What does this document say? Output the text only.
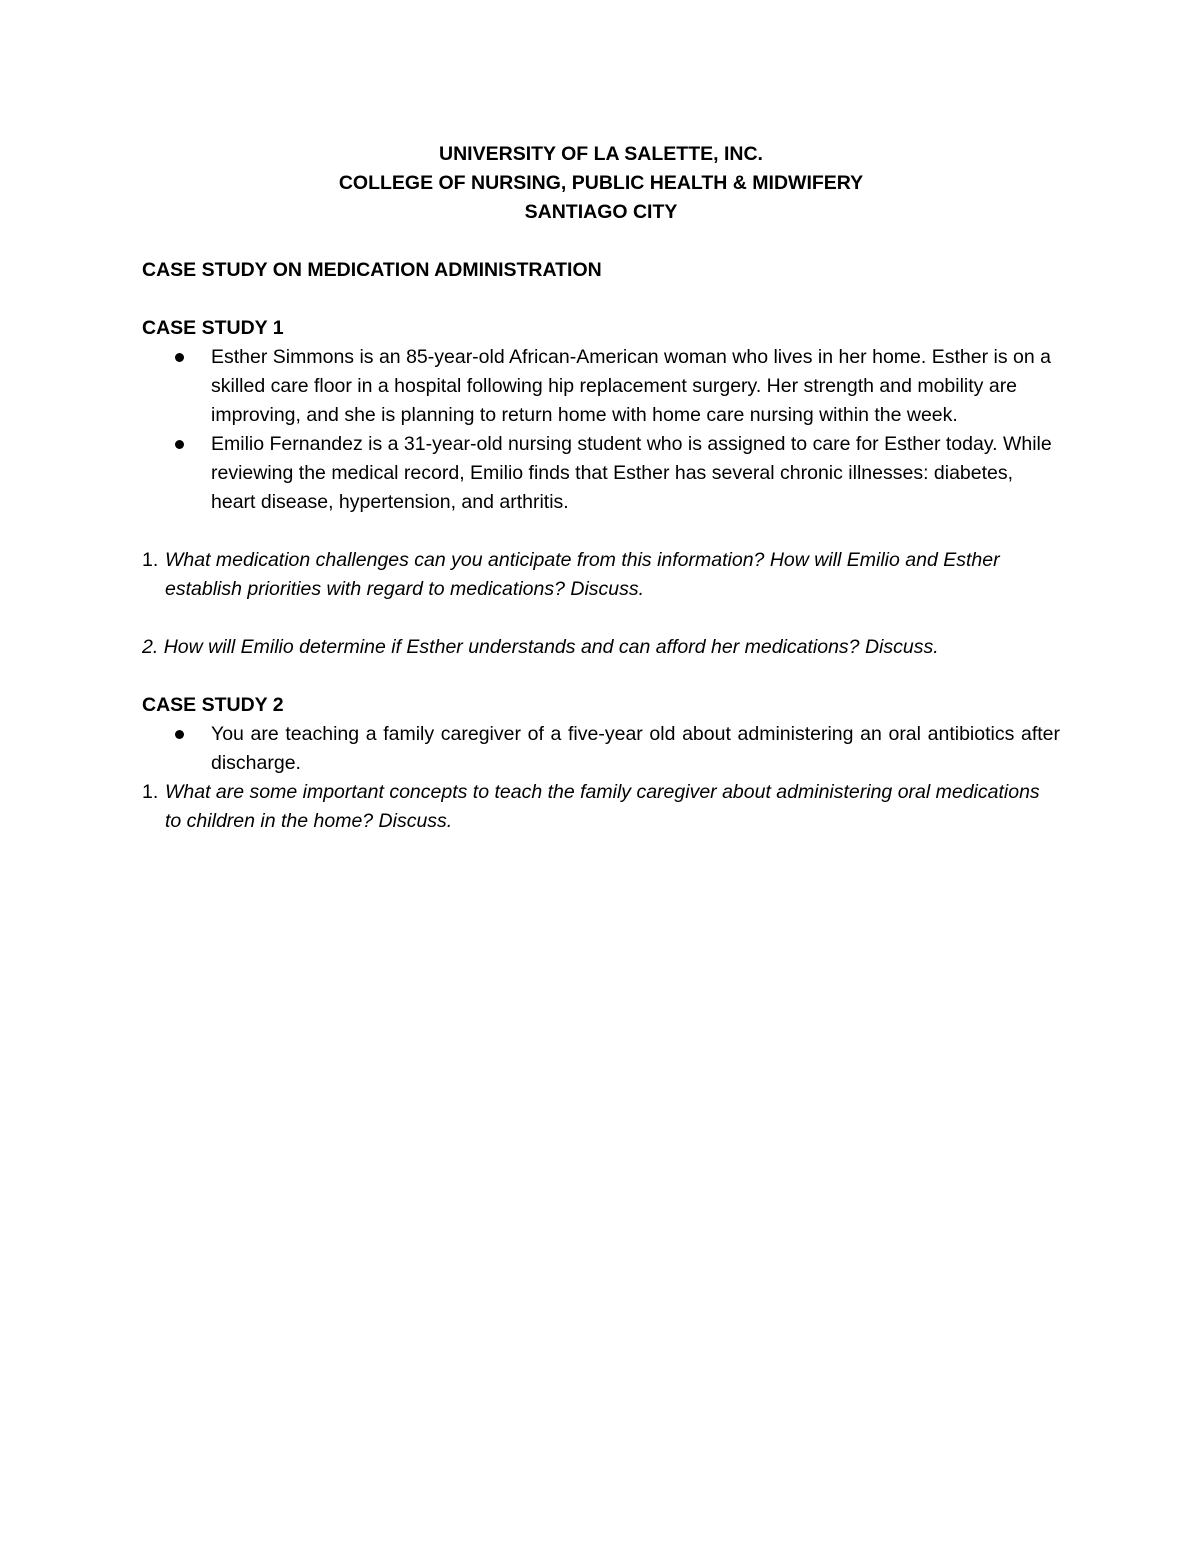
UNIVERSITY OF LA SALETTE, INC.
COLLEGE OF NURSING, PUBLIC HEALTH & MIDWIFERY
SANTIAGO CITY
CASE STUDY ON MEDICATION ADMINISTRATION
CASE STUDY 1
Esther Simmons is an 85-year-old African-American woman who lives in her home. Esther is on a skilled care floor in a hospital following hip replacement surgery. Her strength and mobility are improving, and she is planning to return home with home care nursing within the week.
Emilio Fernandez is a 31-year-old nursing student who is assigned to care for Esther today. While reviewing the medical record, Emilio finds that Esther has several chronic illnesses: diabetes, heart disease, hypertension, and arthritis.
1. What medication challenges can you anticipate from this information? How will Emilio and Esther establish priorities with regard to medications? Discuss.
2. How will Emilio determine if Esther understands and can afford her medications? Discuss.
CASE STUDY 2
You are teaching a family caregiver of a five-year old about administering an oral antibiotics after discharge.
1. What are some important concepts to teach the family caregiver about administering oral medications to children in the home? Discuss.
